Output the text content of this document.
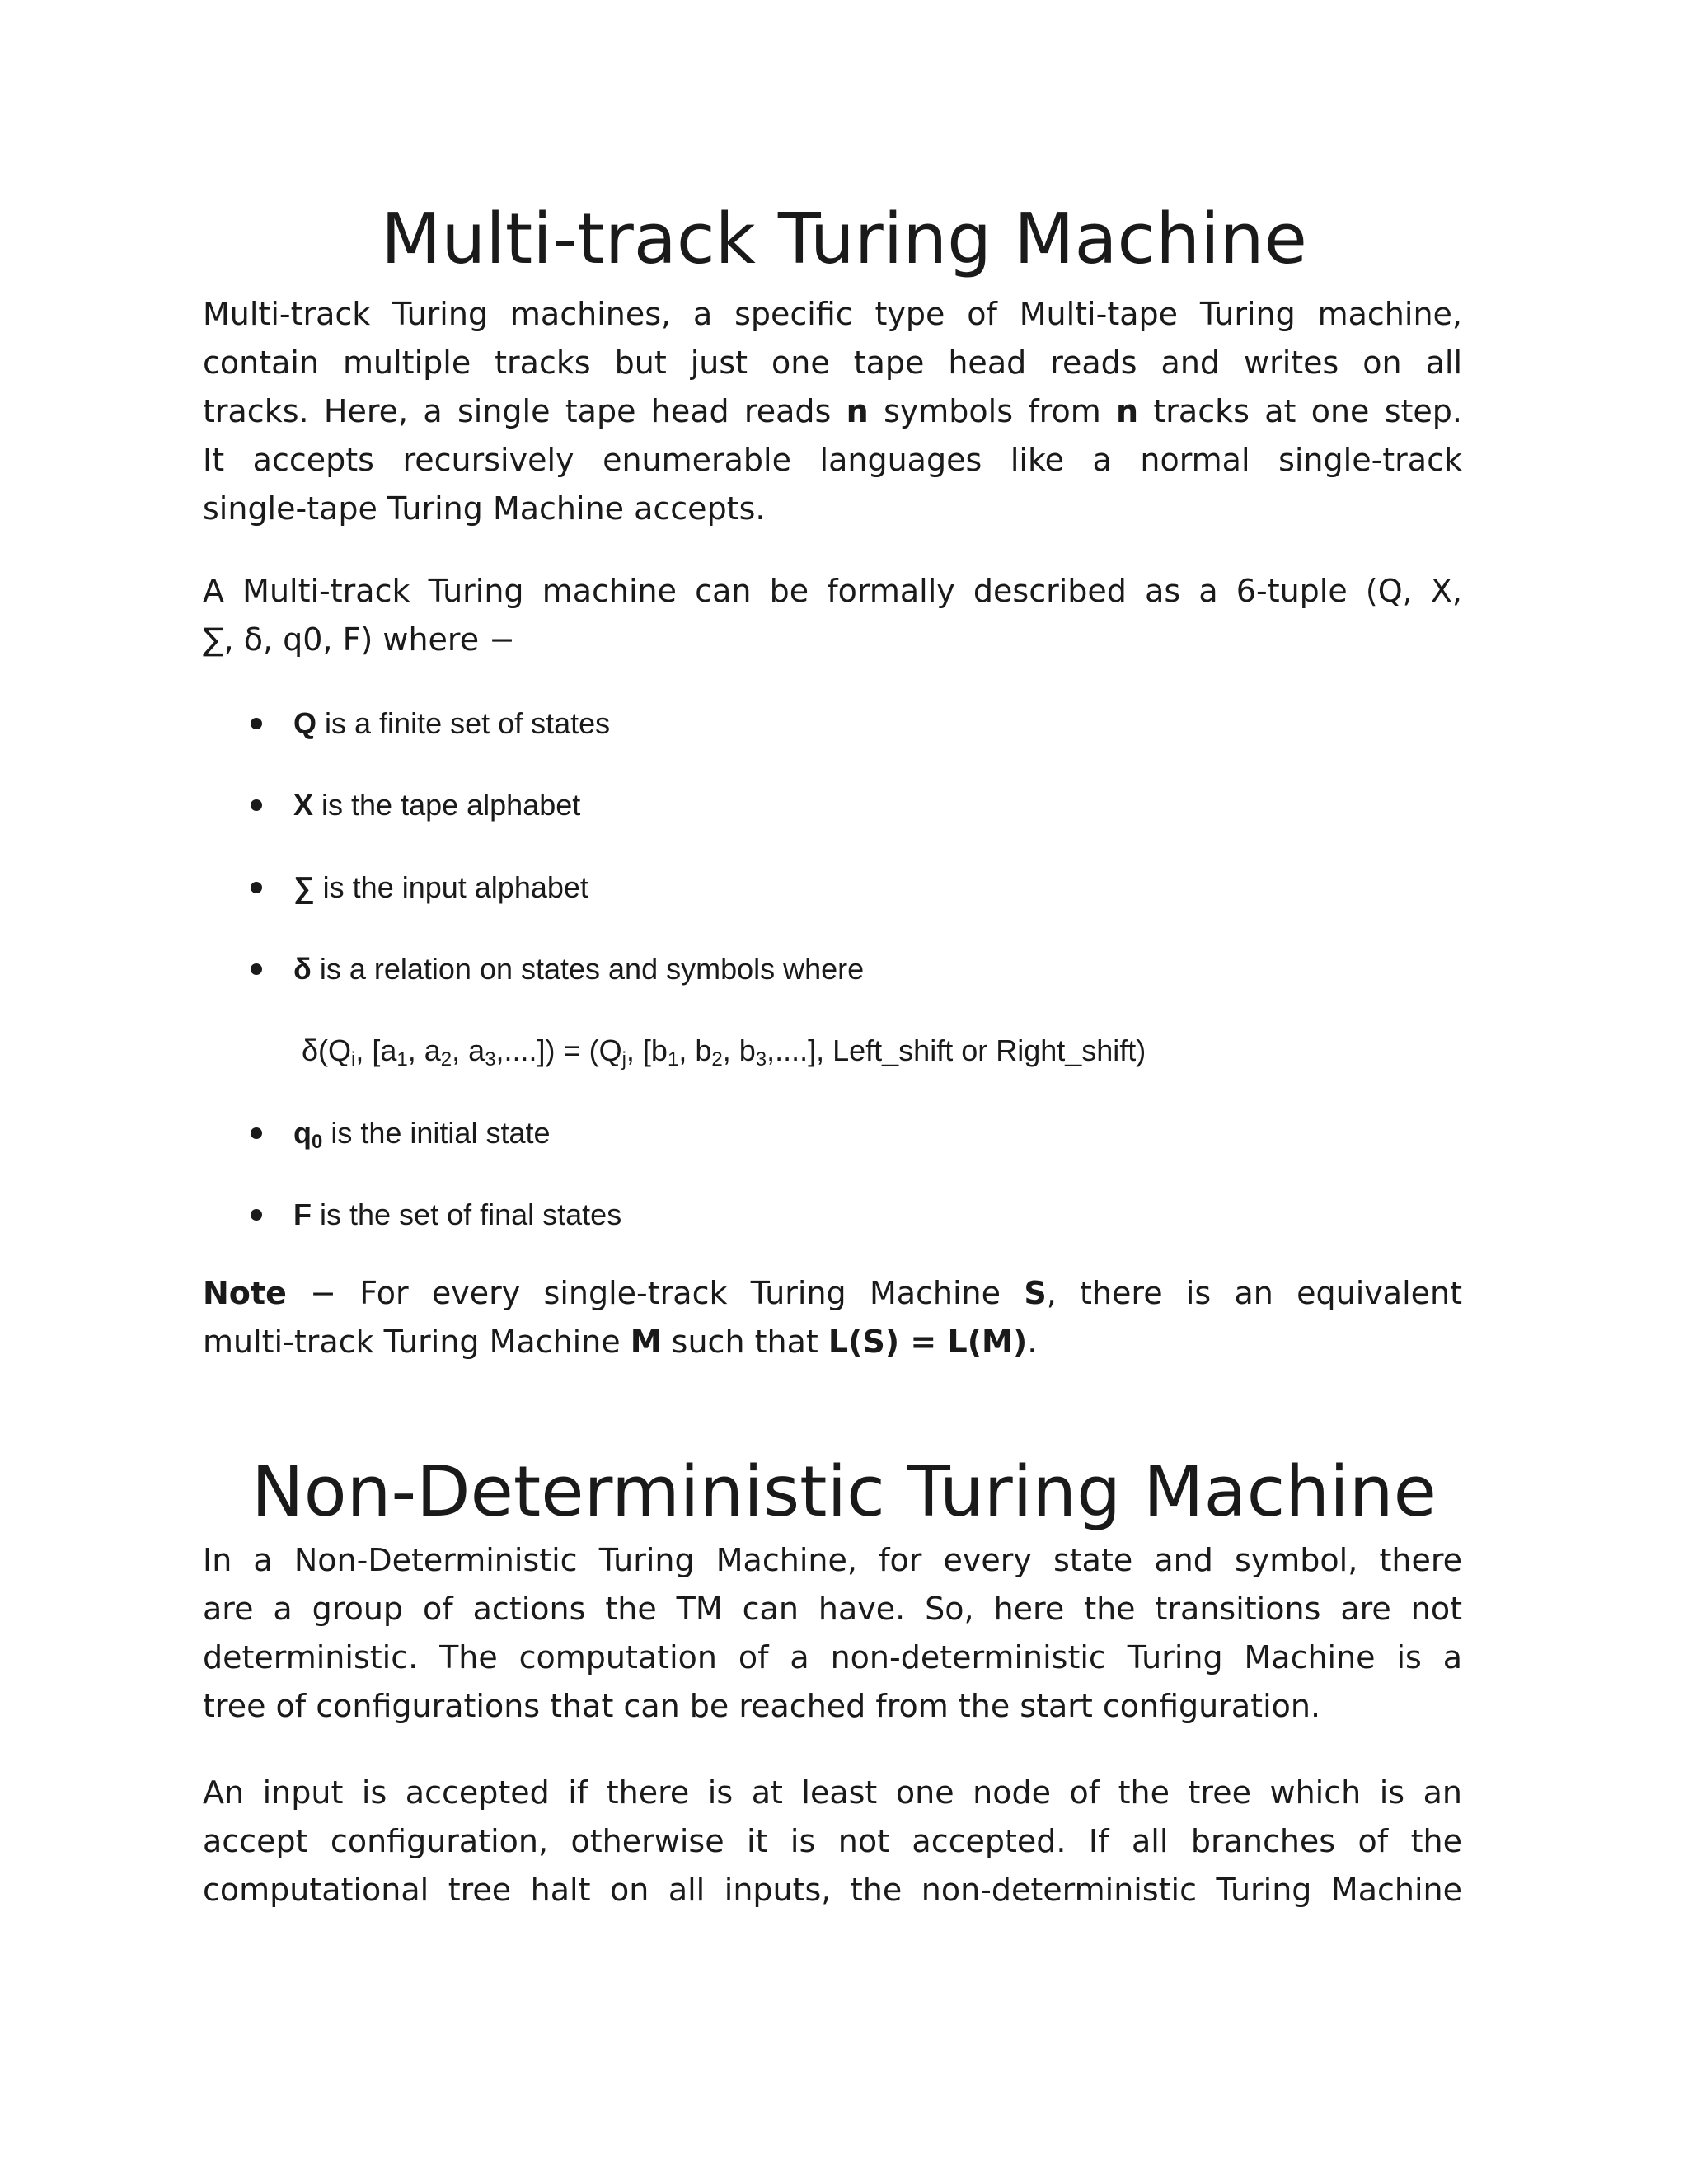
Multi-track Turing Machine
Multi-track Turing machines, a specific type of Multi-tape Turing machine,
contain multiple tracks but just one tape head reads and writes on all
tracks. Here, a single tape head reads n symbols from n tracks at one step.
It accepts recursively enumerable languages like a normal single-track
single-tape Turing Machine accepts.
A Multi-track Turing machine can be formally described as a 6-tuple (Q, X,
∑, δ, q0, F) where −
Q is a finite set of states
X is the tape alphabet
∑ is the input alphabet
δ is a relation on states and symbols where
$\delta(Q_i$, [$a_1$, $a_2$, $a_3,....]) = (Q_j$, [$b_1$, $b_2$, $b_3$,....], Left_shift or Right_shift)
$q_0$ is the initial state
F is the set of final states
Note − For every single-track Turing Machine S, there is an equivalent
multi-track Turing Machine M such that L(S) = L(M).
Non-Deterministic Turing Machine
In a Non-Deterministic Turing Machine, for every state and symbol, there
are a group of actions the TM can have. So, here the transitions are not
deterministic. The computation of a non-deterministic Turing Machine is a
tree of configurations that can be reached from the start configuration.
An input is accepted if there is at least one node of the tree which is an
accept configuration, otherwise it is not accepted. If all branches of the
computational tree halt on all inputs, the non-deterministic Turing Machine
